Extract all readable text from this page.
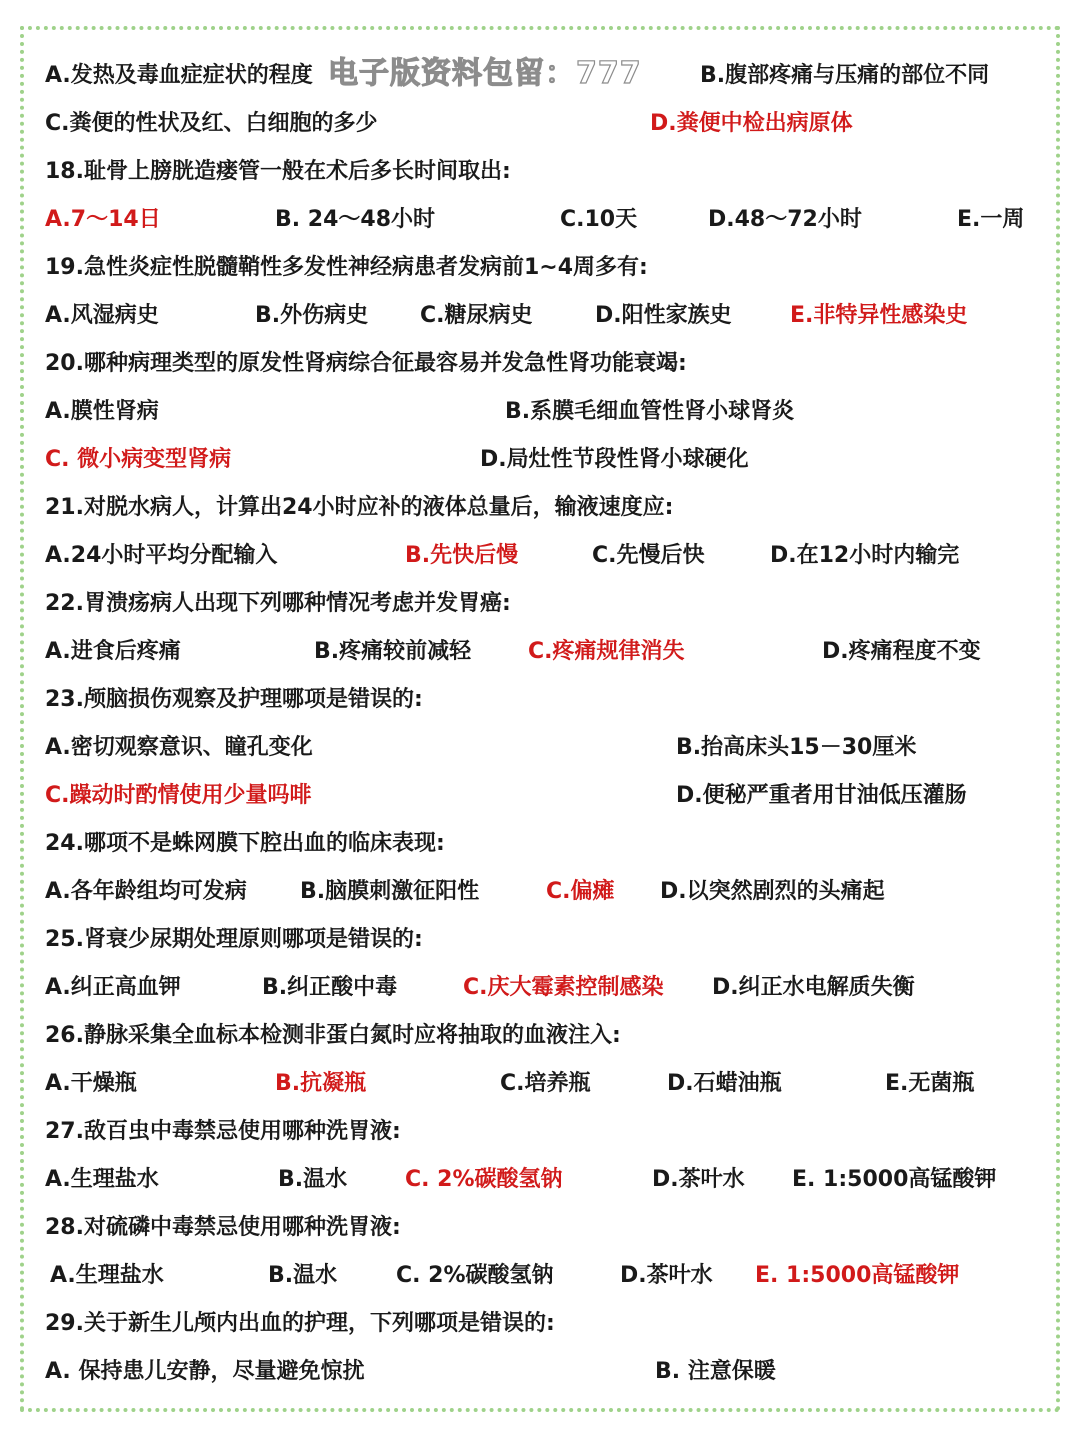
A.发热及毒血症症状的程度	B.腹部疼痛与压痛的部位不同
C.粪便的性状及红、白细胞的多少	D.粪便中检出病原体
18.耻骨上膀胱造瘘管一般在术后多长时间取出:
A.7～14日	B. 24～48小时	C.10天	D.48～72小时	E.一周
19.急性炎症性脱髓鞘性多发性神经病患者发病前1~4周多有:
A.风湿病史	B.外伤病史 C.糖尿病史	D.阳性家族史	E.非特异性感染史
20.哪种病理类型的原发性肾病综合征最容易并发急性肾功能衰竭:
A.膜性肾病	B.系膜毛细血管性肾小球肾炎
C. 微小病变型肾病	D.局灶性节段性肾小球硬化
21.对脱水病人，计算出24小时应补的液体总量后，输液速度应:
A.24小时平均分配输入	B.先快后慢	C.先慢后快	D.在12小时内输完
22.胃溃疡病人出现下列哪种情况考虑并发胃癌:
A.进食后疼痛	B.疼痛较前减轻	C.疼痛规律消失	D.疼痛程度不变
23.颅脑损伤观察及护理哪项是错误的:
A.密切观察意识、瞳孔变化	B.抬高床头15－30厘米
C.躁动时酌情使用少量吗啡	D.便秘严重者用甘油低压灌肠
24.哪项不是蛛网膜下腔出血的临床表现:
A.各年龄组均可发病 B.脑膜刺激征阳性	C.偏瘫 D.以突然剧烈的头痛起
25.肾衰少尿期处理原则哪项是错误的:
A.纠正高血钾	B.纠正酸中毒	C.庆大霉素控制感染 D.纠正水电解质失衡
26.静脉采集全血标本检测非蛋白氮时应将抽取的血液注入:
A.干燥瓶	B.抗凝瓶	C.培养瓶	D.石蜡油瓶	E.无菌瓶
27.敌百虫中毒禁忌使用哪种洗胃液:
A.生理盐水	B.温水	C. 2%碳酸氢钠	D.茶叶水 E. 1:5000高锰酸钾
28.对硫磷中毒禁忌使用哪种洗胃液:
A.生理盐水	B.温水	C. 2%碳酸氢钠	D.茶叶水 E. 1:5000高锰酸钾
29.关于新生儿颅内出血的护理，下列哪项是错误的:
A. 保持患儿安静，尽量避免惊扰	B. 注意保暖
电子版资料包留：777
